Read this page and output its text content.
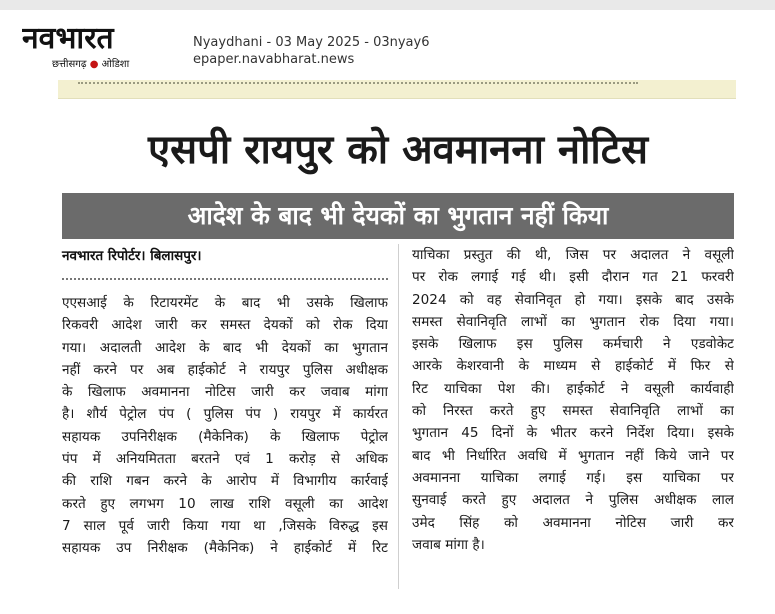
नवभारत
छत्तीसगढ़ ● ओडिशा
Nyaydhani - 03 May 2025 - 03nyay6
epaper.navabharat.news
एसपी रायपुर को अवमानना नोटिस
आदेश के बाद भी देयकों का भुगतान नहीं किया
नवभारत रिपोर्टर। बिलासपुर।
एएसआई के रिटायरमेंट के बाद भी उसके खिलाफ
रिकवरी आदेश जारी कर समस्त देयकों को रोक दिया
गया। अदालती आदेश के बाद भी देयकों का भुगतान
नहीं करने पर अब हाईकोर्ट ने रायपुर पुलिस अधीक्षक
के खिलाफ अवमानना नोटिस जारी कर जवाब मांगा
है। शौर्य पेट्रोल पंप ( पुलिस पंप ) रायपुर में कार्यरत
सहायक उपनिरीक्षक (मैकेनिक) के खिलाफ पेट्रोल
पंप में अनियमितता बरतने एवं 1 करोड़ से अधिक
की राशि गबन करने के आरोप में विभागीय कार्रवाई
करते हुए लगभग 10 लाख राशि वसूली का आदेश
7 साल पूर्व जारी किया गया था ,जिसके विरुद्ध इस
सहायक उप निरीक्षक (मैकेनिक) ने हाईकोर्ट में रिट
याचिका प्रस्तुत की थी, जिस पर अदालत ने वसूली
पर रोक लगाई गई थी। इसी दौरान गत 21 फरवरी
2024 को वह सेवानिवृत हो गया। इसके बाद उसके
समस्त सेवानिवृति लाभों का भुगतान रोक दिया गया।
इसके खिलाफ इस पुलिस कर्मचारी ने एडवोकेट
आरके केशरवानी के माध्यम से हाईकोर्ट में फिर से
रिट याचिका पेश की। हाईकोर्ट ने वसूली कार्यवाही
को निरस्त करते हुए समस्त सेवानिवृति लाभों का
भुगतान 45 दिनों के भीतर करने निर्देश दिया। इसके
बाद भी निर्धारित अवधि में भुगतान नहीं किये जाने पर
अवमानना याचिका लगाई गई। इस याचिका पर
सुनवाई करते हुए अदालत ने पुलिस अधीक्षक लाल
उमेद सिंह को अवमानना नोटिस जारी कर
जवाब मांगा है।
